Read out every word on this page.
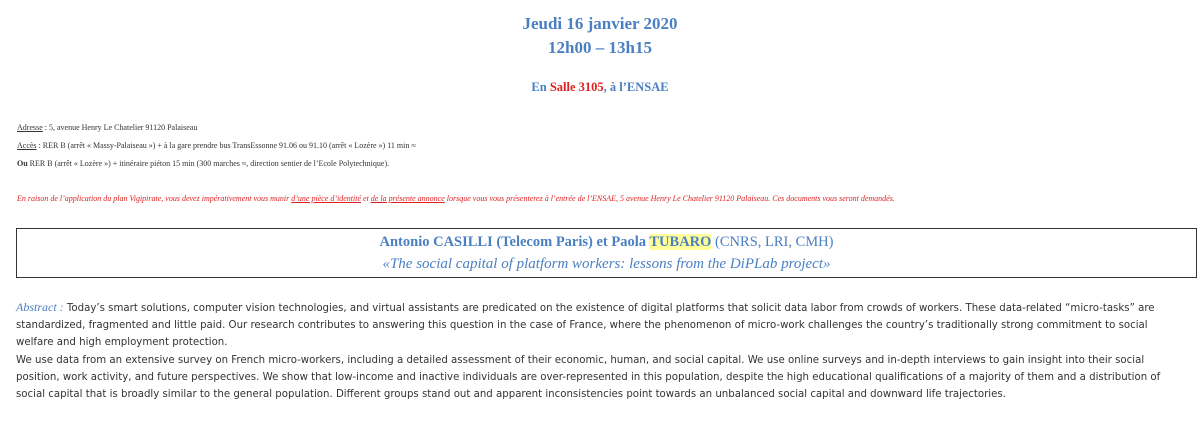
Jeudi 16 janvier 2020
12h00 – 13h15
En Salle 3105, à l’ENSAE
Adresse : 5, avenue Henry Le Chatelier 91120 Palaiseau
Accès : RER B (arrêt « Massy-Palaiseau ») + à la gare prendre bus TransEssonne 91.06 ou 91.10 (arrêt « Lozère ») 11 min ≈
Ou RER B (arrêt « Lozère ») + itinéraire piéton 15 min (300 marches ≈, direction sentier de l’Ecole Polytechnique).
En raison de l’application du plan Vigipirate, vous devez impérativement vous munir d’une pièce d’identité et de la présente annonce lorsque vous vous présenterez à l’entrée de l’ENSAE, 5 avenue Henry Le Chatelier 91120 Palaiseau. Ces documents vous seront demandés.
Antonio CASILLI (Telecom Paris) et Paola TUBARO (CNRS, LRI, CMH)
«The social capital of platform workers: lessons from the DiPLab project»

Abstract : Today’s smart solutions, computer vision technologies, and virtual assistants are predicated on the existence of digital platforms that solicit data labor from crowds of workers. These data-related “micro-tasks” are standardized, fragmented and little paid. Our research contributes to answering this question in the case of France, where the phenomenon of micro-work challenges the country’s traditionally strong commitment to social welfare and high employment protection.

We use data from an extensive survey on French micro-workers, including a detailed assessment of their economic, human, and social capital. We use online surveys and in-depth interviews to gain insight into their social position, work activity, and future perspectives. We show that low-income and inactive individuals are over-represented in this population, despite the high educational qualifications of a majority of them and a distribution of social capital that is broadly similar to the general population. Different groups stand out and apparent inconsistencies point towards an unbalanced social capital and downward life trajectories.
